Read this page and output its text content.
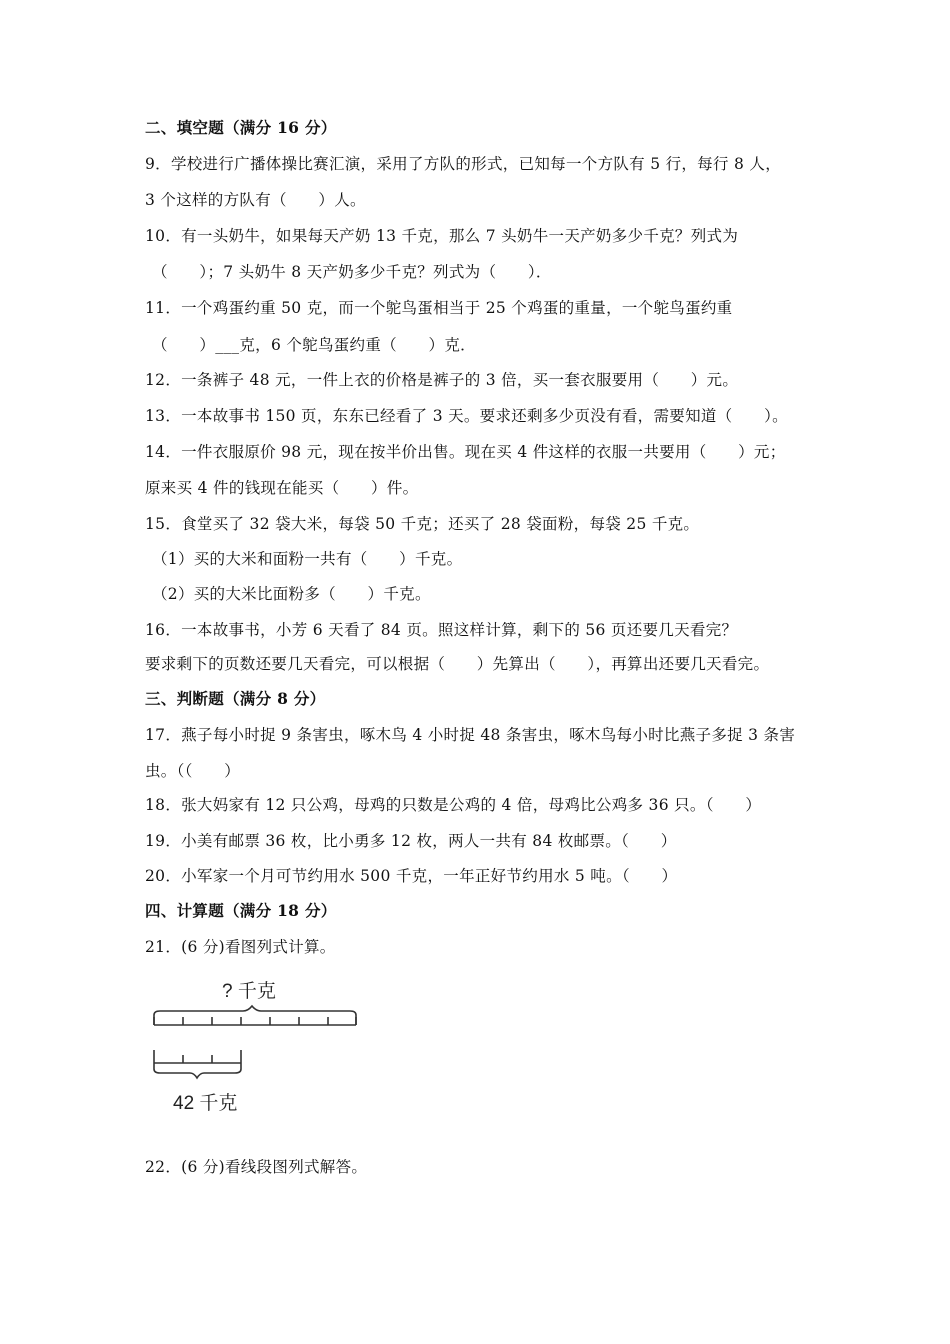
二、填空题（满分 16 分）
9．学校进行广播体操比赛汇演，采用了方队的形式，已知每一个方队有 5 行，每行 8 人，
3 个这样的方队有（　　）人。
10．有一头奶牛，如果每天产奶 13 千克，那么 7 头奶牛一天产奶多少千克？列式为
（　　）；7 头奶牛 8 天产奶多少千克？列式为（　　）．
11．一个鸡蛋约重 50 克，而一个鸵鸟蛋相当于 25 个鸡蛋的重量，一个鸵鸟蛋约重
（　　）___克，6 个鸵鸟蛋约重（　　）克．
12．一条裤子 48 元，一件上衣的价格是裤子的 3 倍，买一套衣服要用（　　）元。
13．一本故事书 150 页，东东已经看了 3 天。要求还剩多少页没有看，需要知道（　　）。
14．一件衣服原价 98 元，现在按半价出售。现在买 4 件这样的衣服一共要用（　　）元；
原来买 4 件的钱现在能买（　　）件。
15．食堂买了 32 袋大米，每袋 50 千克；还买了 28 袋面粉，每袋 25 千克。
（1）买的大米和面粉一共有（　　）千克。
（2）买的大米比面粉多（　　）千克。
16．一本故事书，小芳 6 天看了 84 页。照这样计算，剩下的 56 页还要几天看完？
要求剩下的页数还要几天看完，可以根据（　　）先算出（　　），再算出还要几天看完。
三、判断题（满分 8 分）
17．燕子每小时捉 9 条害虫，啄木鸟 4 小时捉 48 条害虫，啄木鸟每小时比燕子多捉 3 条害
虫。（（　　）
18．张大妈家有 12 只公鸡，母鸡的只数是公鸡的 4 倍，母鸡比公鸡多 36 只。（　　）
19．小美有邮票 36 枚，比小勇多 12 枚，两人一共有 84 枚邮票。（　　）
20．小军家一个月可节约用水 500 千克，一年正好节约用水 5 吨。（　　）
四、计算题（满分 18 分）
21．(6 分)看图列式计算。
? 千克
42 千克
22．(6 分)看线段图列式解答。
